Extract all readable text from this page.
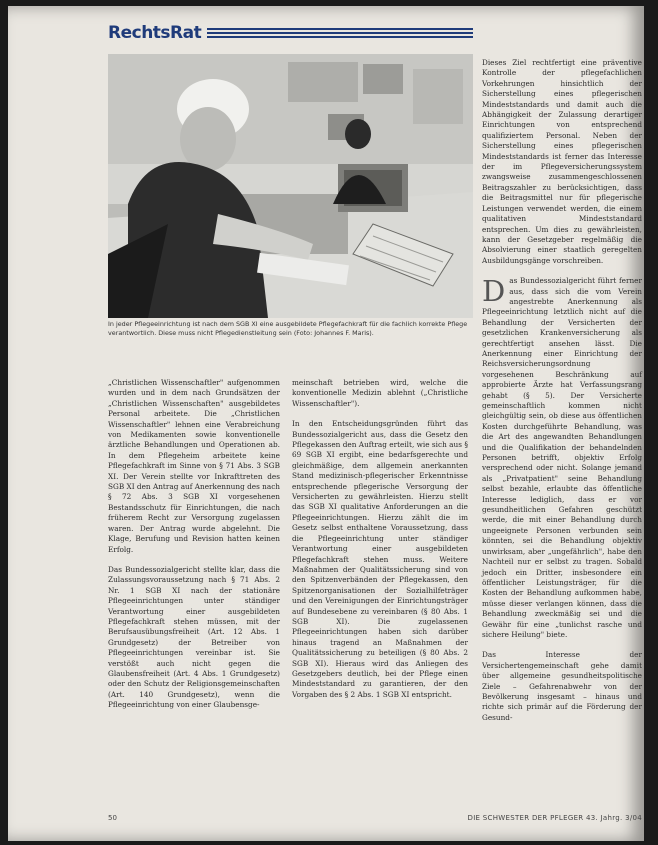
RechtsRat
In jeder Pflegeeinrichtung ist nach dem SGB XI eine ausgebildete Pflegefachkraft für die fachlich korrekte Pflege verantwortlich. Diese muss nicht Pflegedienstleitung sein (Foto: Johannes F. Maris).

„Christlichen Wissenschaftler" aufgenommen wurden und in dem nach Grundsätzen der „Christlichen Wissenschaften" ausgebildetes Personal arbeitete. Die „Christlichen Wissenschaftler" lehnen eine Verabreichung von Medikamenten sowie konventionelle ärztliche Behandlungen und Operationen ab. In dem Pflegeheim arbeitete keine Pflegefachkraft im Sinne von § 71 Abs. 3 SGB XI. Der Verein stellte vor Inkrafttreten des SGB XI den Antrag auf Anerkennung des nach § 72 Abs. 3 SGB XI vorgesehenen Bestandsschutz für Einrichtungen, die nach früherem Recht zur Versorgung zugelassen waren. Der Antrag wurde abgelehnt. Die Klage, Berufung und Revision hatten keinen Erfolg.

Das Bundessozialgericht stellte klar, dass die Zulassungsvoraussetzung nach § 71 Abs. 2 Nr. 1 SGB XI nach der stationäre Pflegeeinrichtungen unter ständiger Verantwortung einer ausgebildeten Pflegefachkraft stehen müssen, mit der Berufsausübungsfreiheit (Art. 12 Abs. 1 Grundgesetz) der Betreiber von Pflegeeinrichtungen vereinbar ist. Sie verstößt auch nicht gegen die Glaubensfreiheit (Art. 4 Abs. 1 Grundgesetz) oder den Schutz der Religionsgemeinschaften (Art. 140 Grundgesetz), wenn die Pflegeeinrichtung von einer Glaubensge-

meinschaft betrieben wird, welche die konventionelle Medizin ablehnt („Christliche Wissenschaftler").

In den Entscheidungsgründen führt das Bundessozialgericht aus, dass die Gesetz den Pflegekassen den Auftrag erteilt, wie sich aus § 69 SGB XI ergibt, eine bedarfsgerechte und gleichmäßige, dem allgemein anerkannten Stand medizinisch-pflegerischer Erkenntnisse entsprechende pflegerische Versorgung der Versicherten zu gewährleisten. Hierzu stellt das SGB XI qualitative Anforderungen an die Pflegeeinrichtungen. Hierzu zählt die im Gesetz selbst enthaltene Voraussetzung, dass die Pflegeeinrichtung unter ständiger Verantwortung einer ausgebildeten Pflegefachkraft stehen muss. Weitere Maßnahmen der Qualitätssicherung sind von den Spitzenverbänden der Pflegekassen, den Spitzenorganisationen der Sozialhilfeträger und den Vereinigungen der Einrichtungsträger auf Bundesebene zu vereinbaren (§ 80 Abs. 1 SGB XI). Die zugelassenen Pflegeeinrichtungen haben sich darüber hinaus tragend an Maßnahmen der Qualitätssicherung zu beteiligen (§ 80 Abs. 2 SGB XI). Hieraus wird das Anliegen des Gesetzgebers deutlich, bei der Pflege einen Mindeststandard zu garantieren, der den Vorgaben des § 2 Abs. 1 SGB XI entspricht.

Dieses Ziel rechtfertigt eine präventive Kontrolle der pflegefachlichen Vorkehrungen hinsichtlich der Sicherstellung eines pflegerischen Mindeststandards und damit auch die Abhängigkeit der Zulassung derartiger Einrichtungen von entsprechend qualifiziertem Personal. Neben der Sicherstellung eines pflegerischen Mindeststandards ist ferner das Interesse der im Pflegeversicherungssystem zwangsweise zusammengeschlossenen Beitragszahler zu berücksichtigen, dass die Beitragsmittel nur für pflegerische Leistungen verwendet werden, die einem qualitativen Mindeststandard entsprechen. Um dies zu gewährleisten, kann der Gesetzgeber regelmäßig die Absolvierung einer staatlich geregelten Ausbildungsgänge vorschreiben.

Das Bundessozialgericht führt ferner aus, dass sich die vom Verein angestrebte Anerkennung als Pflegeeinrichtung letztlich nicht auf die Behandlung der Versicherten der gesetzlichen Krankenversicherung als gerechtfertigt ansehen lässt. Die Anerkennung einer Einrichtung der Reichsversicherungsordnung vorgesehenen Beschränkung auf approbierte Ärzte hat Verfassungsrang gehabt (§ 5). Der Versicherte gemeinschaftlich kommen nicht gleichgültig sein, ob diese aus öffentlichen Kosten durchgeführte Behandlung, was die Art des angewandten Behandlungen und die Qualifikation der behandelnden Personen betrifft, objektiv Erfolg versprechend oder nicht. Solange jemand als „Privatpatient" seine Behandlung selbst bezahle, erlaubte das öffentliche Interesse lediglich, dass er vor gesundheitlichen Gefahren geschützt werde, die mit einer Behandlung durch ungeeignete Personen verbunden sein könnten, sei die Behandlung objektiv unwirksam, aber „ungefährlich", habe den Nachteil nur er selbst zu tragen. Sobald jedoch ein Dritter, insbesondere ein öffentlicher Leistungsträger, für die Kosten der Behandlung aufkommen habe, müsse dieser verlangen können, dass die Behandlung zweckmäßig sei und die Gewähr für eine „tunlichst rasche und sichere Heilung" biete.

Das Interesse der Versichertengemeinschaft gehe damit über allgemeine gesundheitspolitische Ziele – Gefahrenabwehr von der Bevölkerung insgesamt – hinaus und richte sich primär auf die Förderung der Gesund-

50	DIE SCHWESTER DER PFLEGER 43. Jahrg. 3/04
